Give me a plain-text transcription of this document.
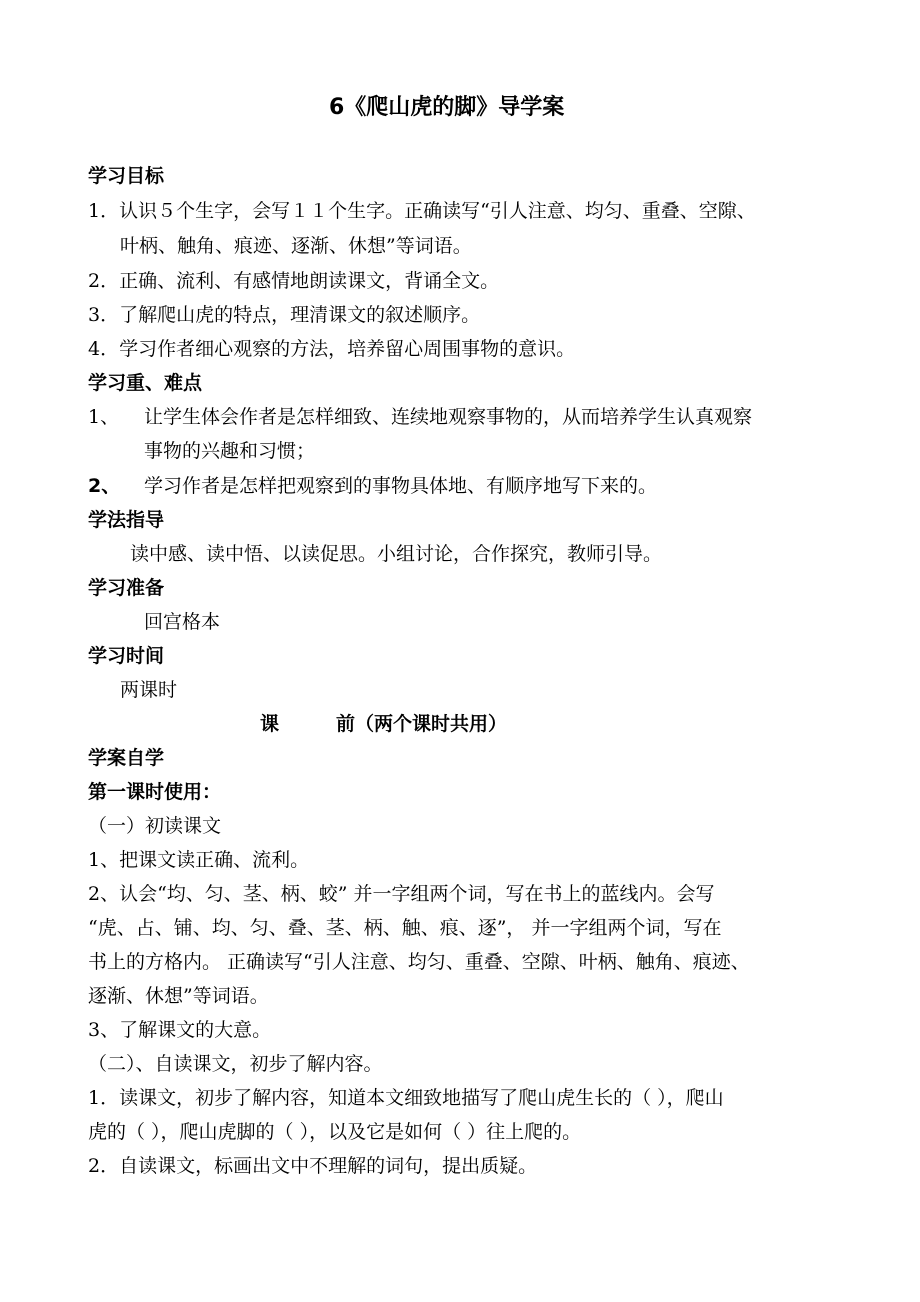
6《爬山虎的脚》导学案
学习目标
1．认识５个生字，会写１１个生字。正确读写“引人注意、均匀、重叠、空隙、
叶柄、触角、痕迹、逐渐、休想”等词语。
2．正确、流利、有感情地朗读课文，背诵全文。
3．了解爬山虎的特点，理清课文的叙述顺序。
4．学习作者细心观察的方法，培养留心周围事物的意识。
学习重、难点
1、 让学生体会作者是怎样细致、连续地观察事物的，从而培养学生认真观察
事物的兴趣和习惯；
2、 学习作者是怎样把观察到的事物具体地、有顺序地写下来的。
学法指导
读中感、读中悟、以读促思。小组讨论，合作探究，教师引导。
学习准备
回宫格本
学习时间
两课时
课	前（两个课时共用）
学案自学
第一课时使用：
（一）初读课文
1、把课文读正确、流利。
2、认会“均、匀、茎、柄、蛟” 并一字组两个词，写在书上的蓝线内。会写
“虎、占、铺、均、匀、叠、茎、柄、触、痕、逐”， 并一字组两个词，写在
书上的方格内。 正确读写“引人注意、均匀、重叠、空隙、叶柄、触角、痕迹、
逐渐、休想”等词语。
3、了解课文的大意。
（二）、自读课文，初步了解内容。
1．读课文，初步了解内容，知道本文细致地描写了爬山虎生长的（ ），爬山
虎的（ ），爬山虎脚的（ ），以及它是如何（ ）往上爬的。
2．自读课文，标画出文中不理解的词句，提出质疑。
